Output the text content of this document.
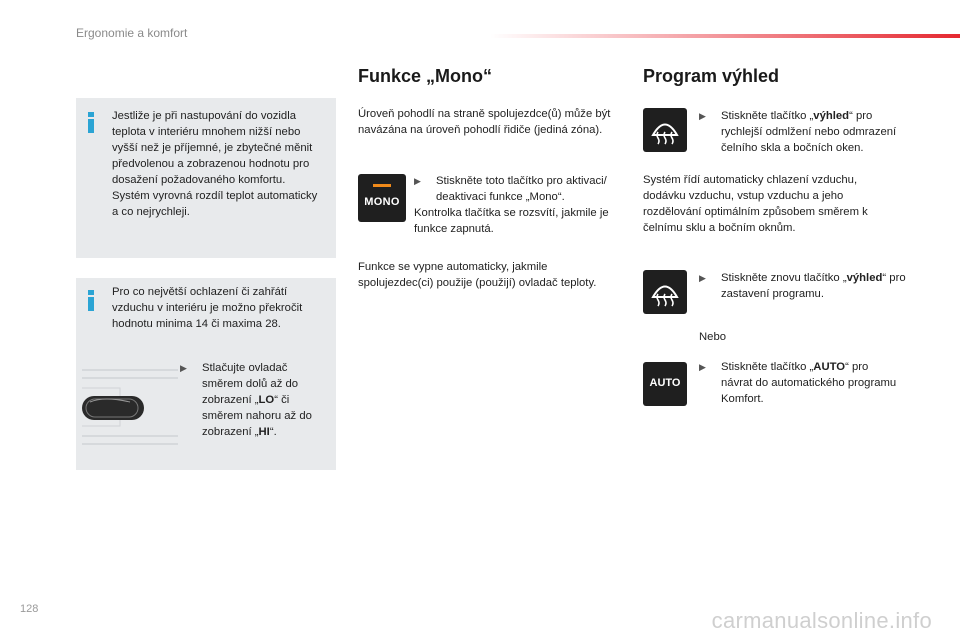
Ergonomie a komfort
Jestliže je při nastupování do vozidla teplota v interiéru mnohem nižší nebo vyšší než je příjemné, je zbytečné měnit předvolenou a zobrazenou hodnotu pro dosažení požadovaného komfortu. Systém vyrovná rozdíl teplot automaticky a co nejrychleji.
Pro co největší ochlazení či zahřátí vzduchu v interiéru je možno překročit hodnotu minima 14 či maxima 28.
▶	Stlačujte ovladač směrem dolů až do zobrazení „LO“ či směrem nahoru až do zobrazení „HI“.
Funkce „Mono“
Úroveň pohodlí na straně spolujezdce(ů) může být navázána na úroveň pohodlí řidiče (jediná zóna).
MONO
▶	Stiskněte toto tlačítko pro aktivaci/ deaktivaci funkce „Mono“.
Kontrolka tlačítka se rozsvítí, jakmile je funkce zapnutá.
Funkce se vypne automaticky, jakmile spolujezdec(ci) použije (použijí) ovladač teploty.
Program výhled
▶	Stiskněte tlačítko „výhled“ pro rychlejší odmlžení nebo odmrazení čelního skla a bočních oken.
Systém řídí automaticky chlazení vzduchu, dodávku vzduchu, vstup vzduchu a jeho rozdělování optimálním způsobem směrem k čelnímu sklu a bočním oknům.
▶	Stiskněte znovu tlačítko „výhled“ pro zastavení programu.
Nebo
AUTO
▶	Stiskněte tlačítko „AUTO“ pro návrat do automatického programu Komfort.
128	carmanualsonline.info
